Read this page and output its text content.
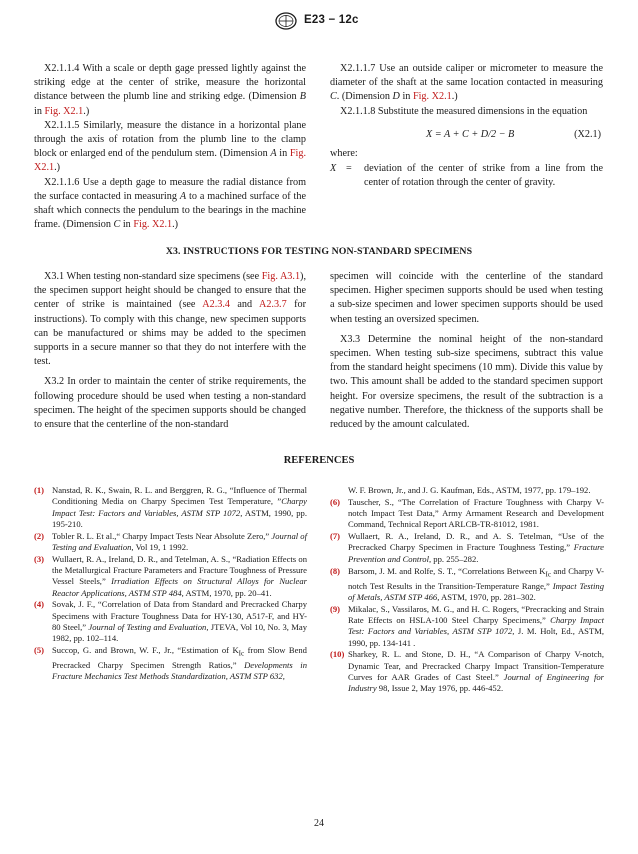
E23 − 12c

X2.1.1.4 With a scale or depth gage pressed lightly against the striking edge at the center of strike, measure the horizontal distance between the plumb line and striking edge. (Dimension B in Fig. X2.1.)

X2.1.1.5 Similarly, measure the distance in a horizontal plane through the axis of rotation from the plumb line to the clamp block or enlarged end of the pendulum stem. (Dimension A in Fig. X2.1.)

X2.1.1.6 Use a depth gage to measure the radial distance from the surface contacted in measuring A to a machined surface of the shaft which connects the pendulum to the bearings in the machine frame. (Dimension C in Fig. X2.1.)

X2.1.1.7 Use an outside caliper or micrometer to measure the diameter of the shaft at the same location contacted in measuring C. (Dimension D in Fig. X2.1.)

X2.1.1.8 Substitute the measured dimensions in the equation

X = A + C + D/2 − B	(X2.1)

where:

X =	deviation of the center of strike from a line from the center of rotation through the center of gravity.
X3. INSTRUCTIONS FOR TESTING NON-STANDARD SPECIMENS

X3.1 When testing non-standard size specimens (see Fig. A3.1), the specimen support height should be changed to ensure that the center of strike is maintained (see A2.3.4 and A2.3.7 for instructions). To comply with this change, new specimen supports can be manufactured or shims may be added to the specimen supports in a secure manner so that they do not interfere with the test.

X3.2 In order to maintain the center of strike requirements, the following procedure should be used when testing a non-standard specimen. The height of the specimen supports should be changed to ensure that the centerline of the non-standard

specimen will coincide with the centerline of the standard specimen. Higher specimen supports should be used when testing a sub-size specimen and lower specimen supports should be used when testing an oversized specimen.

X3.3 Determine the nominal height of the non-standard specimen. When testing sub-size specimens, subtract this value from the standard height specimens (10 mm). Divide this value by two. This amount shall be added to the standard specimen support height. For oversize specimens, the result of the subtraction is a negative number. Therefore, the thickness of the supports shall be reduced by the amount calculated.

REFERENCES
(1) Nanstad, R. K., Swain, R. L. and Berggren, R. G., “Influence of Thermal Conditioning Media on Charpy Specimen Test Temperature, ”Charpy Impact Test: Factors and Variables, ASTM STP 1072, ASTM, 1990, pp. 195-210.
(2) Tobler R. L. Et al.,“ Charpy Impact Tests Near Absolute Zero,” Journal of Testing and Evaluation, Vol 19, 1 1992.
(3) Wullaert, R. A., Ireland, D. R., and Tetelman, A. S., “Radiation Effects on the Metallurgical Fracture Parameters and Fracture Toughness of Pressure Vessel Steels,” Irradiation Effects on Structural Alloys for Nuclear Reactor Applications, ASTM STP 484, ASTM, 1970, pp. 20–41.
(4) Sovak, J. F., “Correlation of Data from Standard and Precracked Charpy Specimens with Fracture Toughness Data for HY-130, A517-F, and HY-80 Steel,” Journal of Testing and Evaluation, JTEVA, Vol 10, No. 3, May 1982, pp. 102–114.
(5) Succop, G. and Brown, W. F., Jr., “Estimation of $K_{Ic}$ from Slow Bend Precracked Charpy Specimen Strength Ratios,” Developments in Fracture Mechanics Test Methods Standardization, ASTM STP 632,
W. F. Brown, Jr., and J. G. Kaufman, Eds., ASTM, 1977, pp. 179–192.
(6) Tauscher, S., “The Correlation of Fracture Toughness with Charpy V-notch Impact Test Data,” Army Armament Research and Development Command, Technical Report ARLCB-TR-81012, 1981.
(7) Wullaert, R. A., Ireland, D. R., and A. S. Tetelman, “Use of the Precracked Charpy Specimen in Fracture Toughness Testing,” Fracture Prevention and Control, pp. 255–282.
(8) Barsom, J. M. and Rolfe, S. T., “Correlations Between $K_{Ic}$ and Charpy V-notch Test Results in the Transition-Temperature Range,” Impact Testing of Metals, ASTM STP 466, ASTM, 1970, pp. 281–302.
(9) Mikalac, S., Vassilaros, M. G., and H. C. Rogers, “Precracking and Strain Rate Effects on HSLA-100 Steel Charpy Specimens,” Charpy Impact Test: Factors and Variables, ASTM STP 1072, J. M. Holt, Ed., ASTM, 1990, pp. 134-141 .
(10) Sharkey, R. L. and Stone, D. H., “A Comparison of Charpy V-notch, Dynamic Tear, and Precracked Charpy Impact Transition-Temperature Curves for AAR Grades of Cast Steel.” Journal of Engineering for Industry 98, Issue 2, May 1976, pp. 446-452.
24
